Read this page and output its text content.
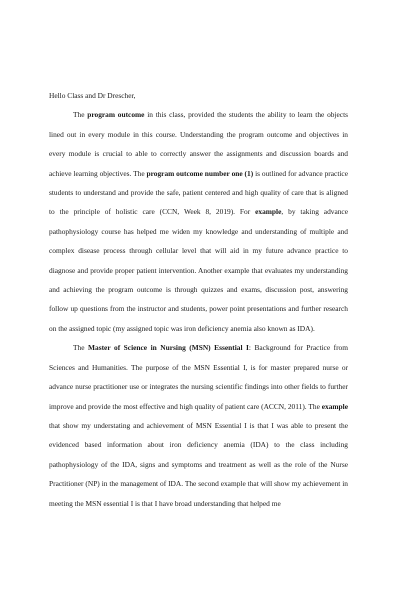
Hello Class and Dr Drescher,

The program outcome in this class, provided the students the ability to learn the objects lined out in every module in this course. Understanding the program outcome and objectives in every module is crucial to able to correctly answer the assignments and discussion boards and achieve learning objectives. The program outcome number one (1) is outlined for advance practice students to understand and provide the safe, patient centered and high quality of care that is aligned to the principle of holistic care (CCN, Week 8, 2019). For example, by taking advance pathophysiology course has helped me widen my knowledge and understanding of multiple and complex disease process through cellular level that will aid in my future advance practice to diagnose and provide proper patient intervention. Another example that evaluates my understanding and achieving the program outcome is through quizzes and exams, discussion post, answering follow up questions from the instructor and students, power point presentations and further research on the assigned topic (my assigned topic was iron deficiency anemia also known as IDA).

The Master of Science in Nursing (MSN) Essential I: Background for Practice from Sciences and Humanities. The purpose of the MSN Essential I, is for master prepared nurse or advance nurse practitioner use or integrates the nursing scientific findings into other fields to further improve and provide the most effective and high quality of patient care (ACCN, 2011). The example that show my understating and achievement of MSN Essential I is that I was able to present the evidenced based information about iron deficiency anemia (IDA) to the class including pathophysiology of the IDA, signs and symptoms and treatment as well as the role of the Nurse Practitioner (NP) in the management of IDA. The second example that will show my achievement in meeting the MSN essential I is that I have broad understanding that helped me
